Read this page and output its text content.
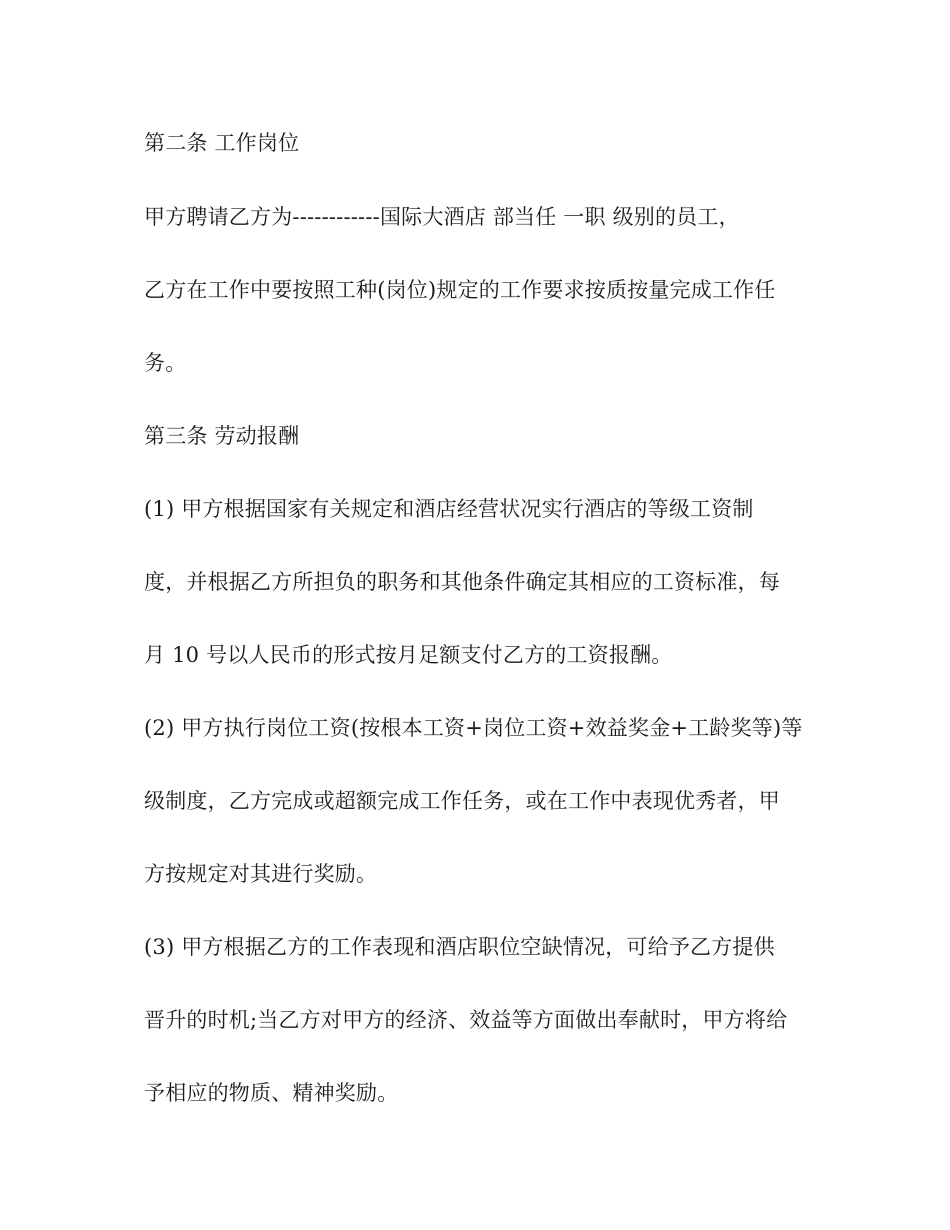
第二条 工作岗位
甲方聘请乙方为------------国际大酒店 部当任 一职 级别的员工，
乙方在工作中要按照工种(岗位)规定的工作要求按质按量完成工作任
务。
第三条 劳动报酬
(1) 甲方根据国家有关规定和酒店经营状况实行酒店的等级工资制
度，并根据乙方所担负的职务和其他条件确定其相应的工资标准，每
月 10 号以人民币的形式按月足额支付乙方的工资报酬。
(2) 甲方执行岗位工资(按根本工资+岗位工资+效益奖金+工龄奖等)等
级制度，乙方完成或超额完成工作任务，或在工作中表现优秀者，甲
方按规定对其进行奖励。
(3) 甲方根据乙方的工作表现和酒店职位空缺情况，可给予乙方提供
晋升的时机;当乙方对甲方的经济、效益等方面做出奉献时，甲方将给
予相应的物质、精神奖励。
